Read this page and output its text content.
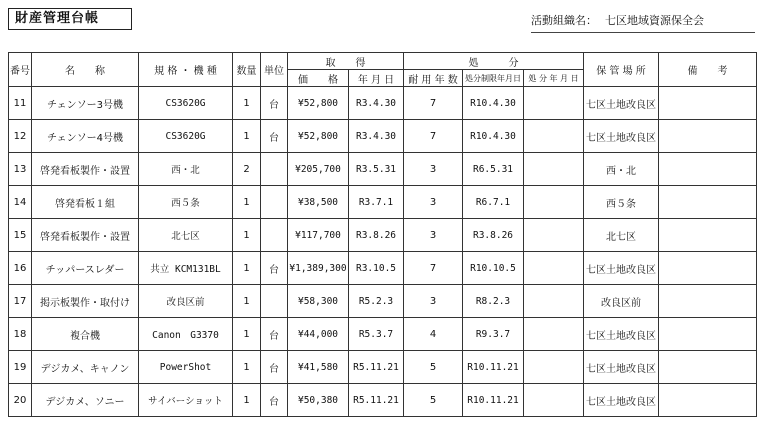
財産管理台帳	活動組織名： 七区地域資源保全会
番号	名　　称	規 格 ・ 機 種	数量	単位	取　　得		処　　　分			保 管 場 所	備　　考
					価　　格	年 月 日	耐 用 年 数	処分制限年月日	処 分 年 月 日		
11	チェンソー3号機	CS3620G	1	台	¥52,800	R3.4.30	7	R10.4.30		七区土地改良区	
12	チェンソー4号機	CS3620G	1	台	¥52,800	R3.4.30	7	R10.4.30		七区土地改良区	
13	啓発看板製作・設置	西・北	2		¥205,700	R3.5.31	3	R6.5.31		西・北	
14	啓発看板１組	西５条	1		¥38,500	R3.7.1	3	R6.7.1		西５条	
15	啓発看板製作・設置	北七区	1		¥117,700	R3.8.26	3	R3.8.26		北七区	
16	チッパースレダー	共立 KCM131BL	1	台	¥1,389,300	R3.10.5	7	R10.10.5		七区土地改良区	
17	掲示板製作・取付け	改良区前	1		¥58,300	R5.2.3	3	R8.2.3		改良区前	
18	複合機	Canon　G3370	1	台	¥44,000	R5.3.7	4	R9.3.7		七区土地改良区	
19	デジカメ、キャノン	PowerShot	1	台	¥41,580	R5.11.21	5	R10.11.21		七区土地改良区	
20	デジカメ、ソニー	サイバーショット	1	台	¥50,380	R5.11.21	5	R10.11.21		七区土地改良区	
